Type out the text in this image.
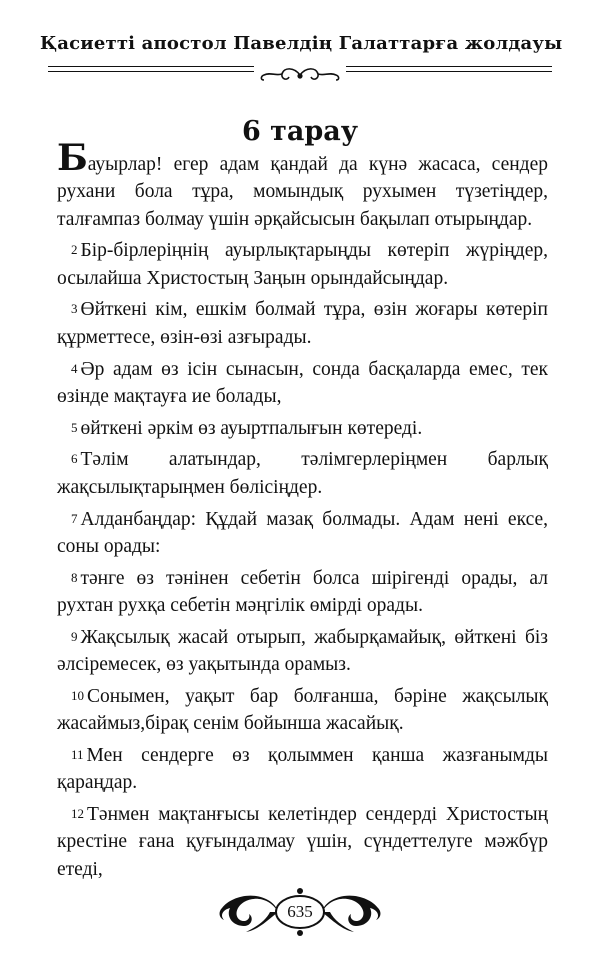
Қасиетті апостол Павелдің Галаттарға жолдауы
6 тарау

Бауырлар! егер адам қандай да күнә жасаса, сендер рухани бола тұра, момындық рухымен түзетіңдер, талғампаз болмау үшін әрқайсысын бақылап отырыңдар.

$^2$ Бір-бірлеріңнің ауырлықтарыңды көтеріп жүріңдер, осылайша Христостың Заңын орындайсыңдар.

$^3$ Өйткені кім, ешкім болмай тұра, өзін жоғары көтеріп құрметтесе, өзін-өзі азғырады.

$^4$ Әр адам өз ісін сынасын, сонда басқаларда емес, тек өзінде мақтауға ие болады,

$^5$ өйткені әркім өз ауыртпалығын көтереді.

$^6$ Тәлім алатындар, тәлімгерлеріңмен барлық жақсылықтарыңмен бөлісіңдер.

$^7$ Алданбаңдар: Құдай мазақ болмады. Адам нені ексе, соны орады:

$^8$ тәнге өз тәнінен себетін болса шірігенді орады, ал рухтан рухқа себетін мәңгілік өмірді орады.

$^9$ Жақсылық жасай отырып, жабырқамайық, өйткені біз әлсіремесек, өз уақытында орамыз.

$^{10}$ Сонымен, уақыт бар болғанша, бәріне жақсылық жасаймыз,бірақ сенім бойынша жасайық.

$^{11}$ Мен сендерге өз қолыммен қанша жазғанымды қараңдар.

$^{12}$ Тәнмен мақтанғысы келетіндер сендерді Христостың крестіне ғана қуғындалмау үшін, сүндеттелуге мәжбүр етеді,

635
